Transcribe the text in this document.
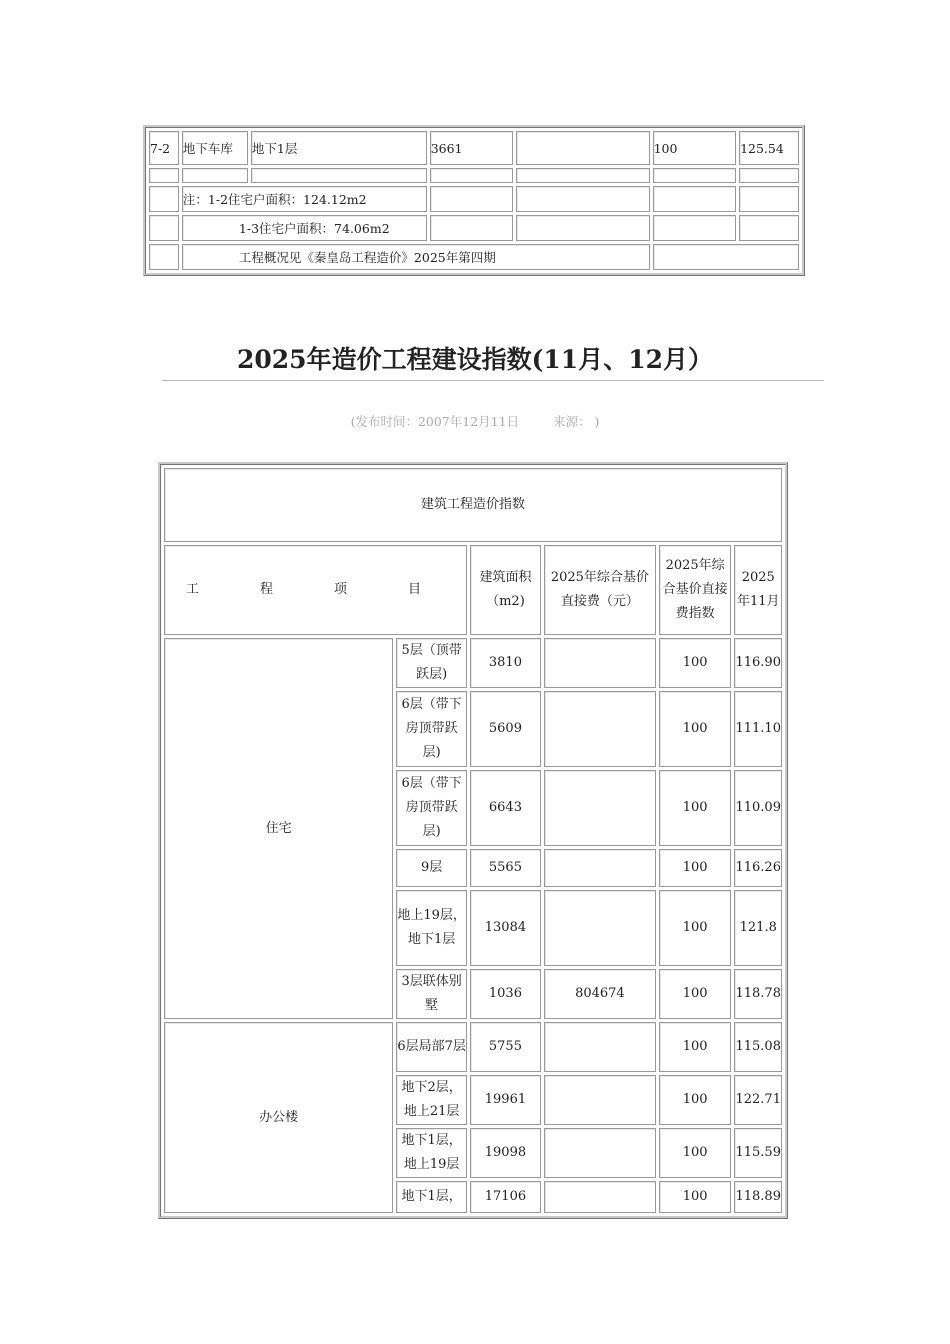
7-2	地下车库	地下1层	3661		100	125.54

	注：1-2住宅户面积：124.12m2					
	1-3住宅户面积：74.06m2					
	工程概况见《秦皇岛工程造价》2025年第四期					
2025年造价工程建设指数(11月、12月）
(发布时间：2007年12月11日	来源： )
建筑工程造价指数					
工　程　项　目		建筑面积（m2)	2025年综合基价直接费（元）	2025年综合基价直接费指数	2025年11月
住宅	5层（顶带跃层)	3810		100	116.90
	6层（带下房顶带跃层)	5609		100	111.10
	6层（带下房顶带跃层)	6643		100	110.09
	9层	5565		100	116.26
	地上19层，地下1层	13084		100	121.8
	3层联体别墅	1036	804674	100	118.78
办公楼	6层局部7层	5755		100	115.08
	地下2层，地上21层	19961		100	122.71
	地下1层，地上19层	19098		100	115.59
	地下1层，	17106		100	118.89
